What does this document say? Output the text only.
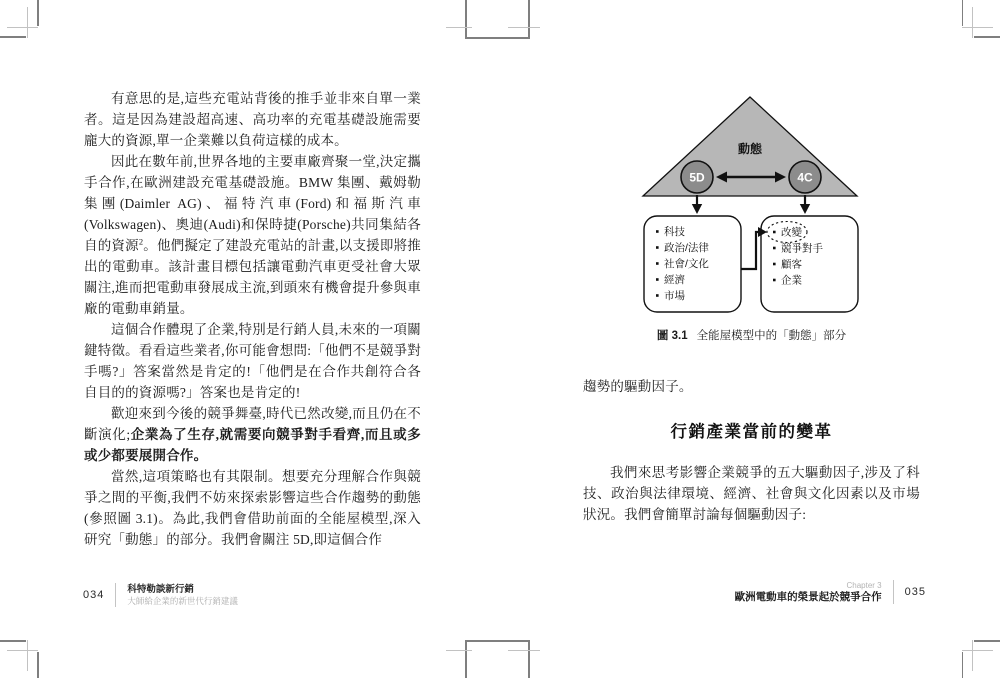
有意思的是,這些充電站背後的推手並非來自單一業者。這是因為建設超高速、高功率的充電基礎設施需要龐大的資源,單一企業難以負荷這樣的成本。

因此在數年前,世界各地的主要車廠齊聚一堂,決定攜手合作,在歐洲建設充電基礎設施。BMW 集團、戴姆勒集團(Daimler AG)、福特汽車(Ford)和福斯汽車(Volkswagen)、奧迪(Audi)和保時捷(Porsche)共同集結各自的資源$^2$。他們擬定了建設充電站的計畫,以支援即將推出的電動車。該計畫目標包括讓電動汽車更受社會大眾關注,進而把電動車發展成主流,到頭來有機會提升參與車廠的電動車銷量。

這個合作體現了企業,特別是行銷人員,未來的一項關鍵特徵。看看這些業者,你可能會想問:「他們不是競爭對手嗎?」答案當然是肯定的!「他們是在合作共創符合各自目的的資源嗎?」答案也是肯定的!

歡迎來到今後的競爭舞臺,時代已然改變,而且仍在不斷演化;企業為了生存,就需要向競爭對手看齊,而且或多或少都要展開合作。

當然,這項策略也有其限制。想要充分理解合作與競爭之間的平衡,我們不妨來探索影響這些合作趨勢的動態(參照圖 3.1)。為此,我們會借助前面的全能屋模型,深入研究「動態」的部分。我們會關注 5D,即這個合作

034 科特勒談新行銷
大師給企業的新世代行銷建議
動態
5D	4C
科技
政治/法律
社會/文化
經濟
市場
改變
競爭對手
顧客
企業
圖 3.1 全能屋模型中的「動態」部分

趨勢的驅動因子。

行銷產業當前的變革

我們來思考影響企業競爭的五大驅動因子,涉及了科技、政治與法律環境、經濟、社會與文化因素以及市場狀況。我們會簡單討論每個驅動因子:

Chapter 3
歐洲電動車的榮景起於競爭合作 035
